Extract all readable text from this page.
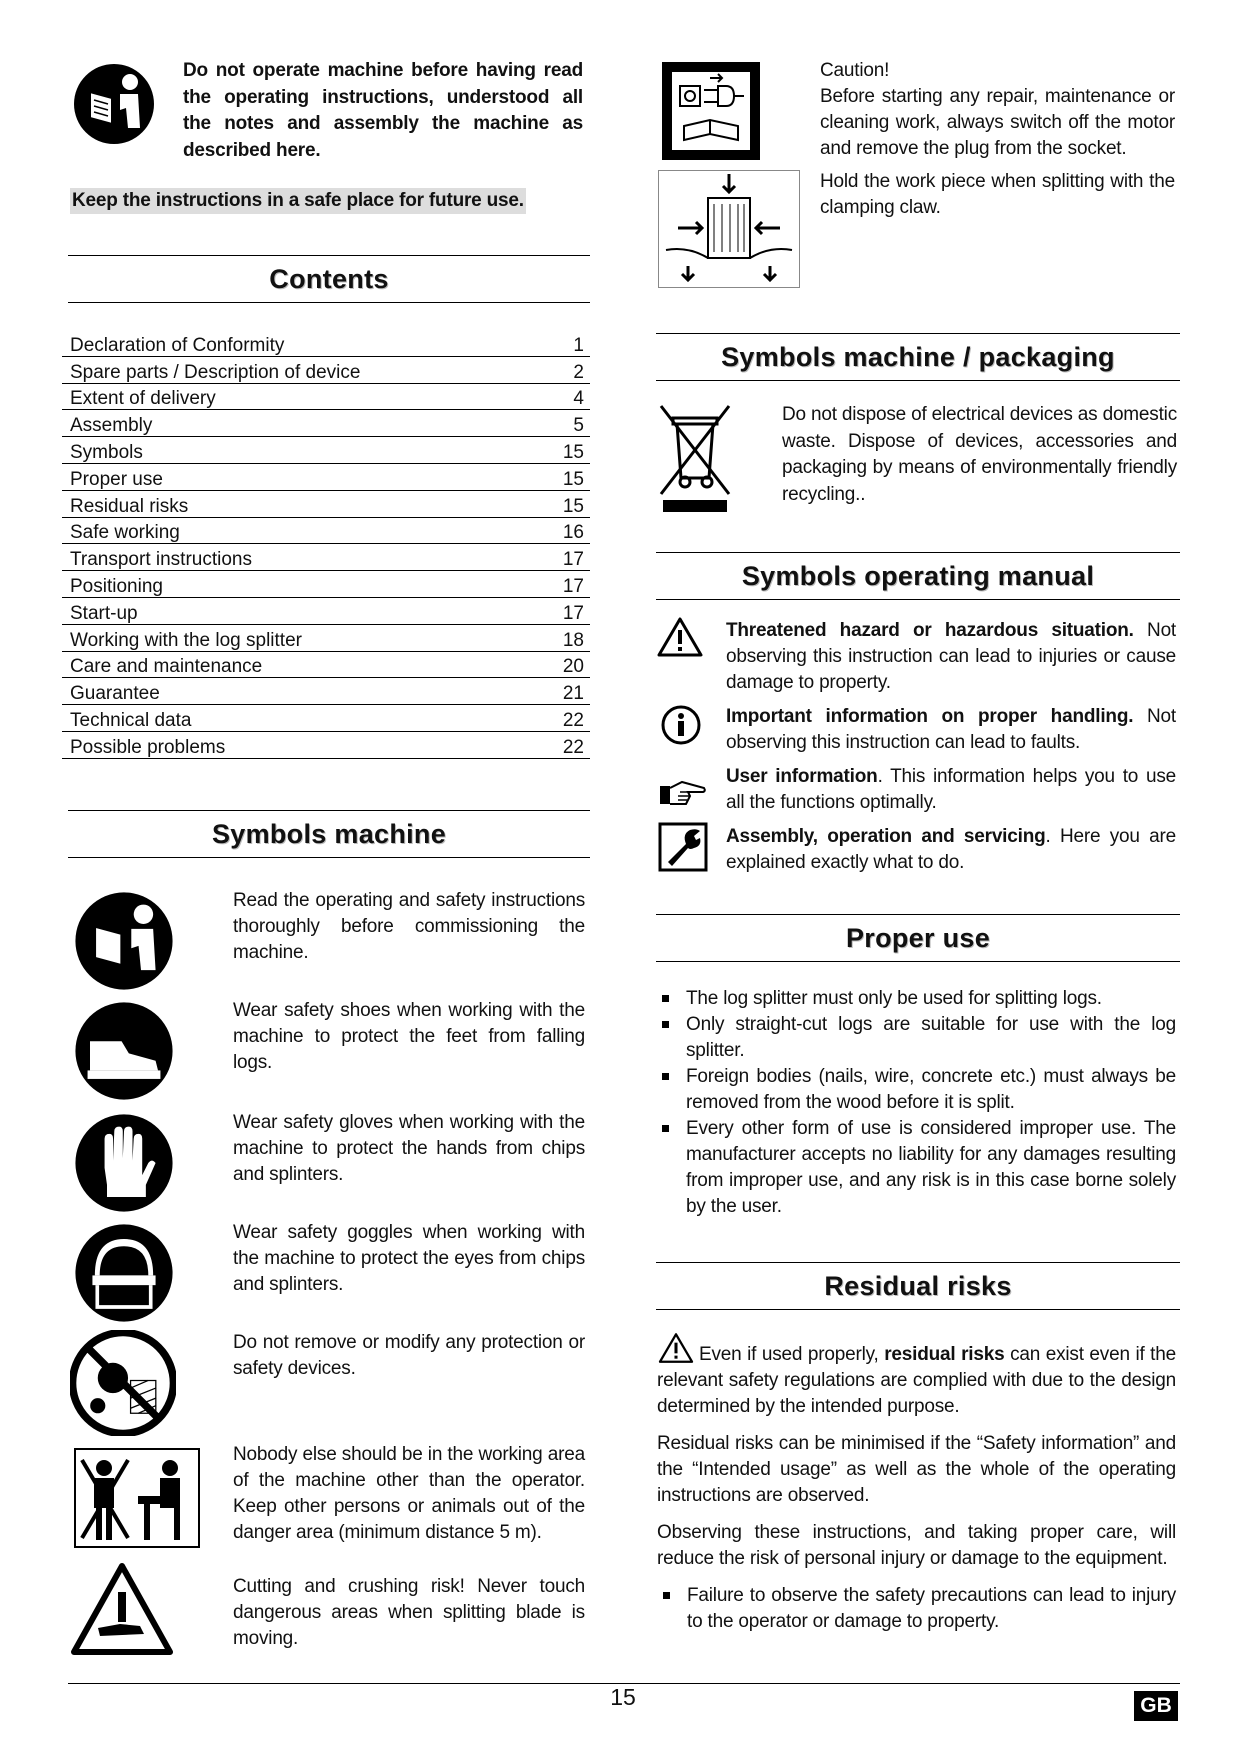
Do not operate machine before having read the operating instructions, understood all the notes and assembly the machine as described here.
Keep the instructions in a safe place for future use.
Contents
Declaration of Conformity	1
Spare parts / Description of device	2
Extent of delivery	4
Assembly	5
Symbols	15
Proper use	15
Residual risks	15
Safe working	16
Transport instructions	17
Positioning	17
Start-up	17
Working with the log splitter	18
Care and maintenance	20
Guarantee	21
Technical data	22
Possible problems	22
Symbols machine
Read the operating and safety instructions thoroughly before commissioning the machine.
Wear safety shoes when working with the machine to protect the feet from falling logs.
Wear safety gloves when working with the machine to protect the hands from chips and splinters.
Wear safety goggles when working with the machine to protect the eyes from chips and splinters.
Do not remove or modify any protection or safety devices.
Nobody else should be in the working area of the machine other than the operator. Keep other persons or animals out of the danger area (minimum distance 5 m).
Cutting and crushing risk! Never touch dangerous areas when splitting blade is moving.

Caution!

Before starting any repair, maintenance or cleaning work, always switch off the motor and remove the plug from the socket.

Hold the work piece when splitting with the clamping claw.

Symbols machine / packaging
Do not dispose of electrical devices as domestic waste. Dispose of devices, accessories and packaging by means of environmentally friendly recycling..
Symbols operating manual
Threatened hazard or hazardous situation. Not observing this instruction can lead to injuries or cause damage to property.
Important information on proper handling. Not observing this instruction can lead to faults.
User information. This information helps you to use all the functions optimally.
Assembly, operation and servicing. Here you are explained exactly what to do.
Proper use
The log splitter must only be used for splitting logs.
Only straight-cut logs are suitable for use with the log splitter.
Foreign bodies (nails, wire, concrete etc.) must always be removed from the wood before it is split.
Every other form of use is considered improper use. The manufacturer accepts no liability for any damages resulting from improper use, and any risk is in this case borne solely by the user.
Residual risks

Even if used properly, residual risks can exist even if the relevant safety regulations are complied with due to the design determined by the intended purpose.

Residual risks can be minimised if the “Safety information” and the “Intended usage” as well as the whole of the operating instructions are observed.

Observing these instructions, and taking proper care, will reduce the risk of personal injury or damage to the equipment.

Failure to observe the safety precautions can lead to injury to the operator or damage to property.
15	GB
